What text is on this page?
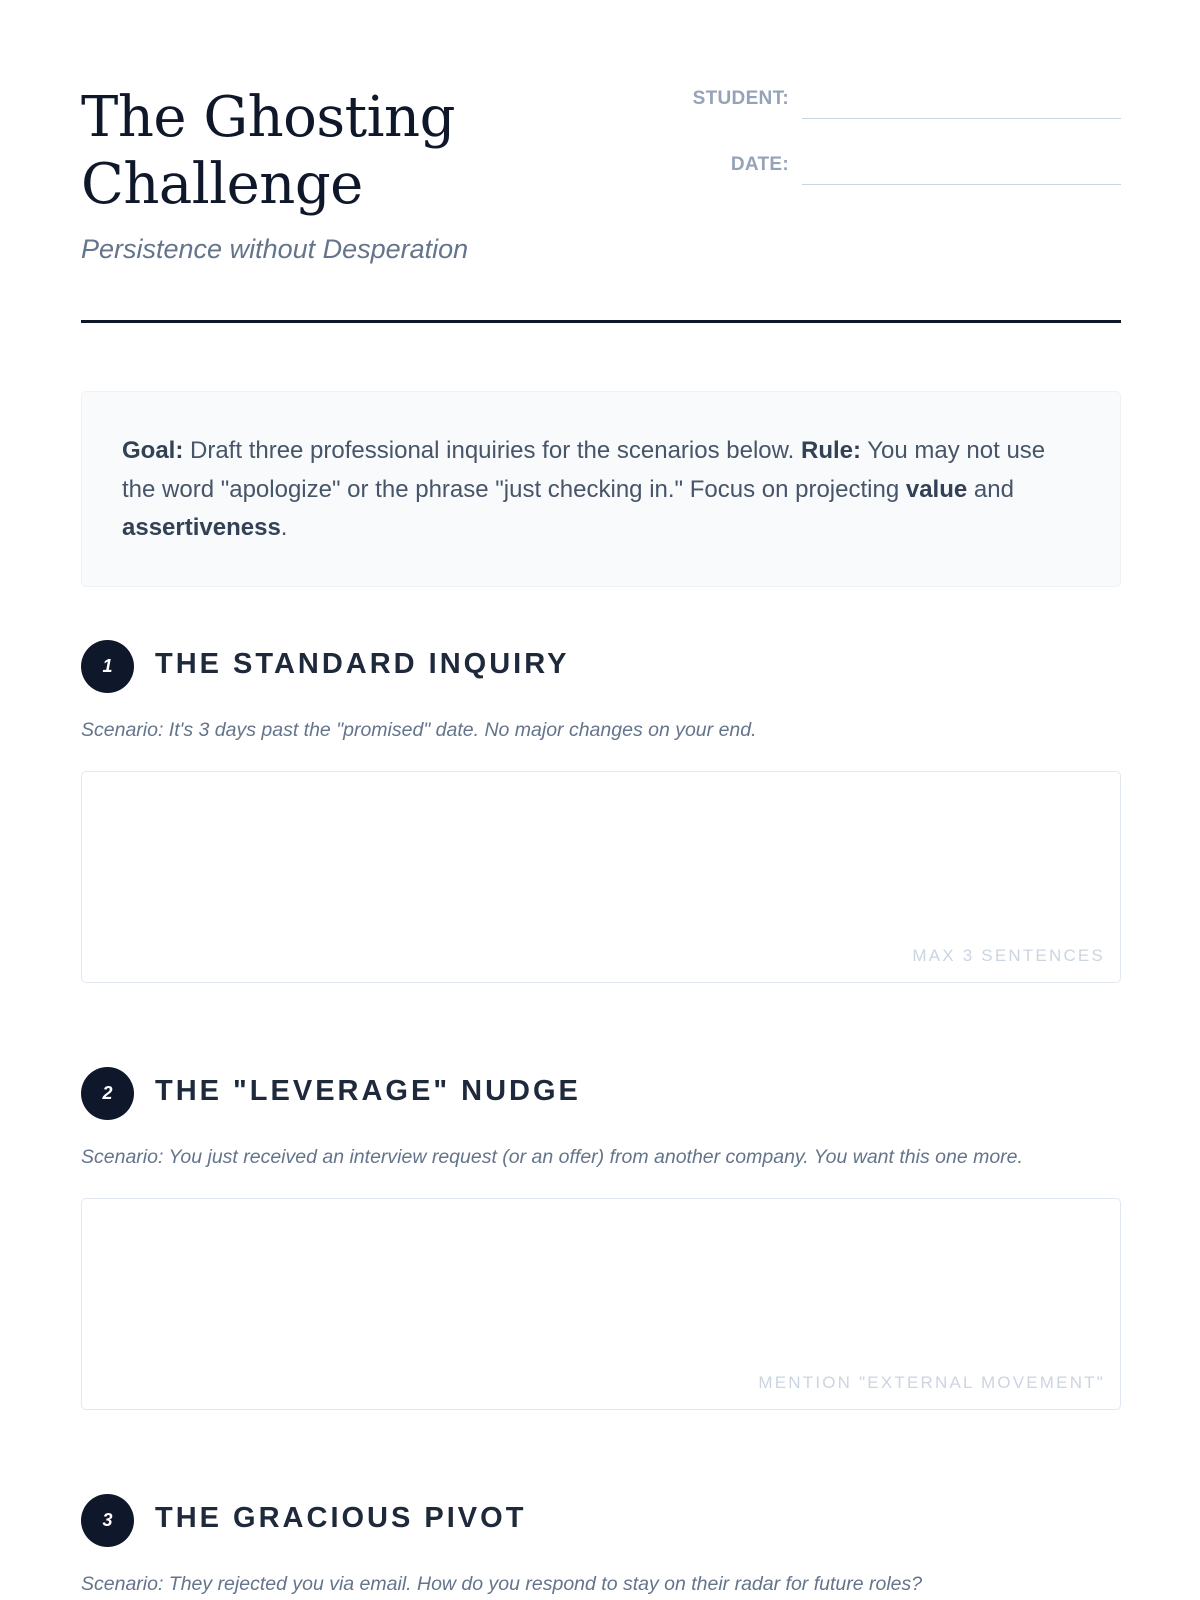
The Ghosting
Challenge

Persistence without Desperation

STUDENT:
DATE:
Goal: Draft three professional inquiries for the scenarios below. Rule: You may not use the word "apologize" or the phrase "just checking in." Focus on projecting value and assertiveness.
1	THE STANDARD INQUIRY

Scenario: It's 3 days past the "promised" date. No major changes on your end.

MAX 3 SENTENCES
2	THE "LEVERAGE" NUDGE

Scenario: You just received an interview request (or an offer) from another company. You want this one more.

MENTION "EXTERNAL MOVEMENT"
3	THE GRACIOUS PIVOT

Scenario: They rejected you via email. How do you respond to stay on their radar for future roles?
